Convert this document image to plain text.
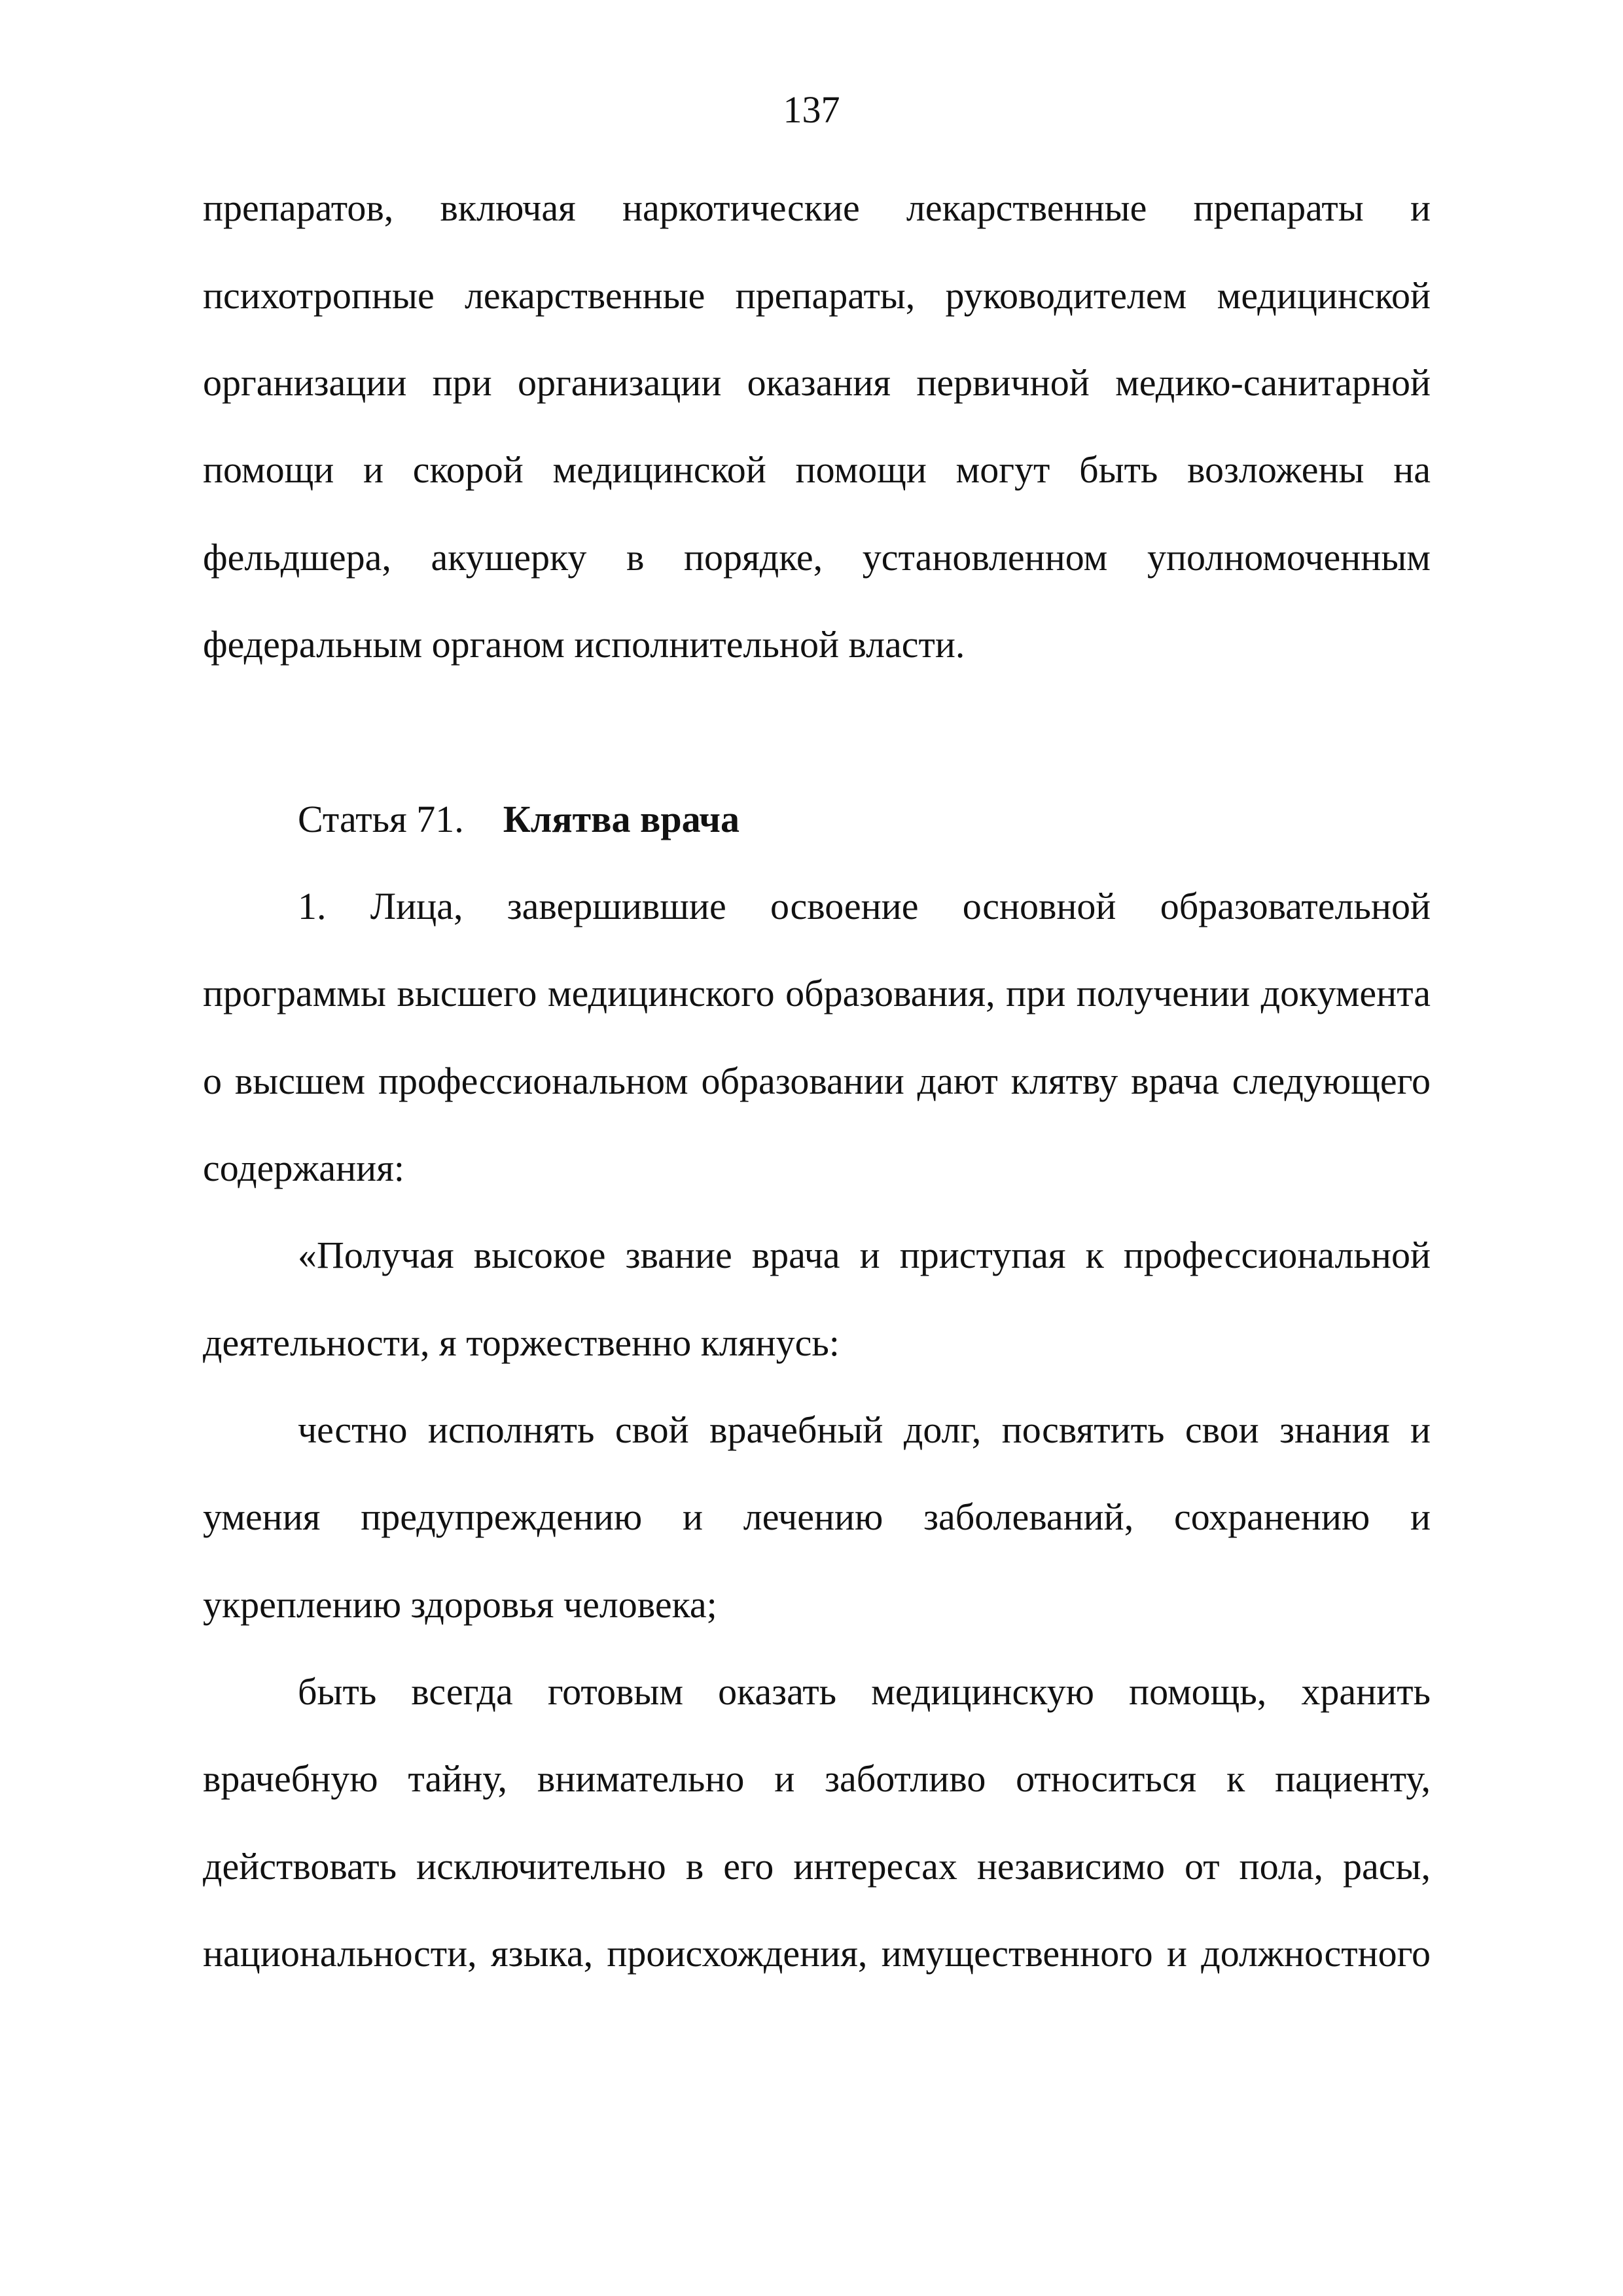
137
препаратов, включая наркотические лекарственные препараты и
психотропные лекарственные препараты, руководителем медицинской
организации при организации оказания первичной медико-санитарной
помощи и скорой медицинской помощи могут быть возложены на
фельдшера, акушерку в порядке, установленном уполномоченным
федеральным органом исполнительной власти.
Статья 71. Клятва врача
1. Лица, завершившие освоение основной образовательной
программы высшего медицинского образования, при получении документа
о высшем профессиональном образовании дают клятву врача следующего
содержания:
«Получая высокое звание врача и приступая к профессиональной
деятельности, я торжественно клянусь:
честно исполнять свой врачебный долг, посвятить свои знания и
умения предупреждению и лечению заболеваний, сохранению и
укреплению здоровья человека;
быть всегда готовым оказать медицинскую помощь, хранить
врачебную тайну, внимательно и заботливо относиться к пациенту,
действовать исключительно в его интересах независимо от пола, расы,
национальности, языка, происхождения, имущественного и должностного
